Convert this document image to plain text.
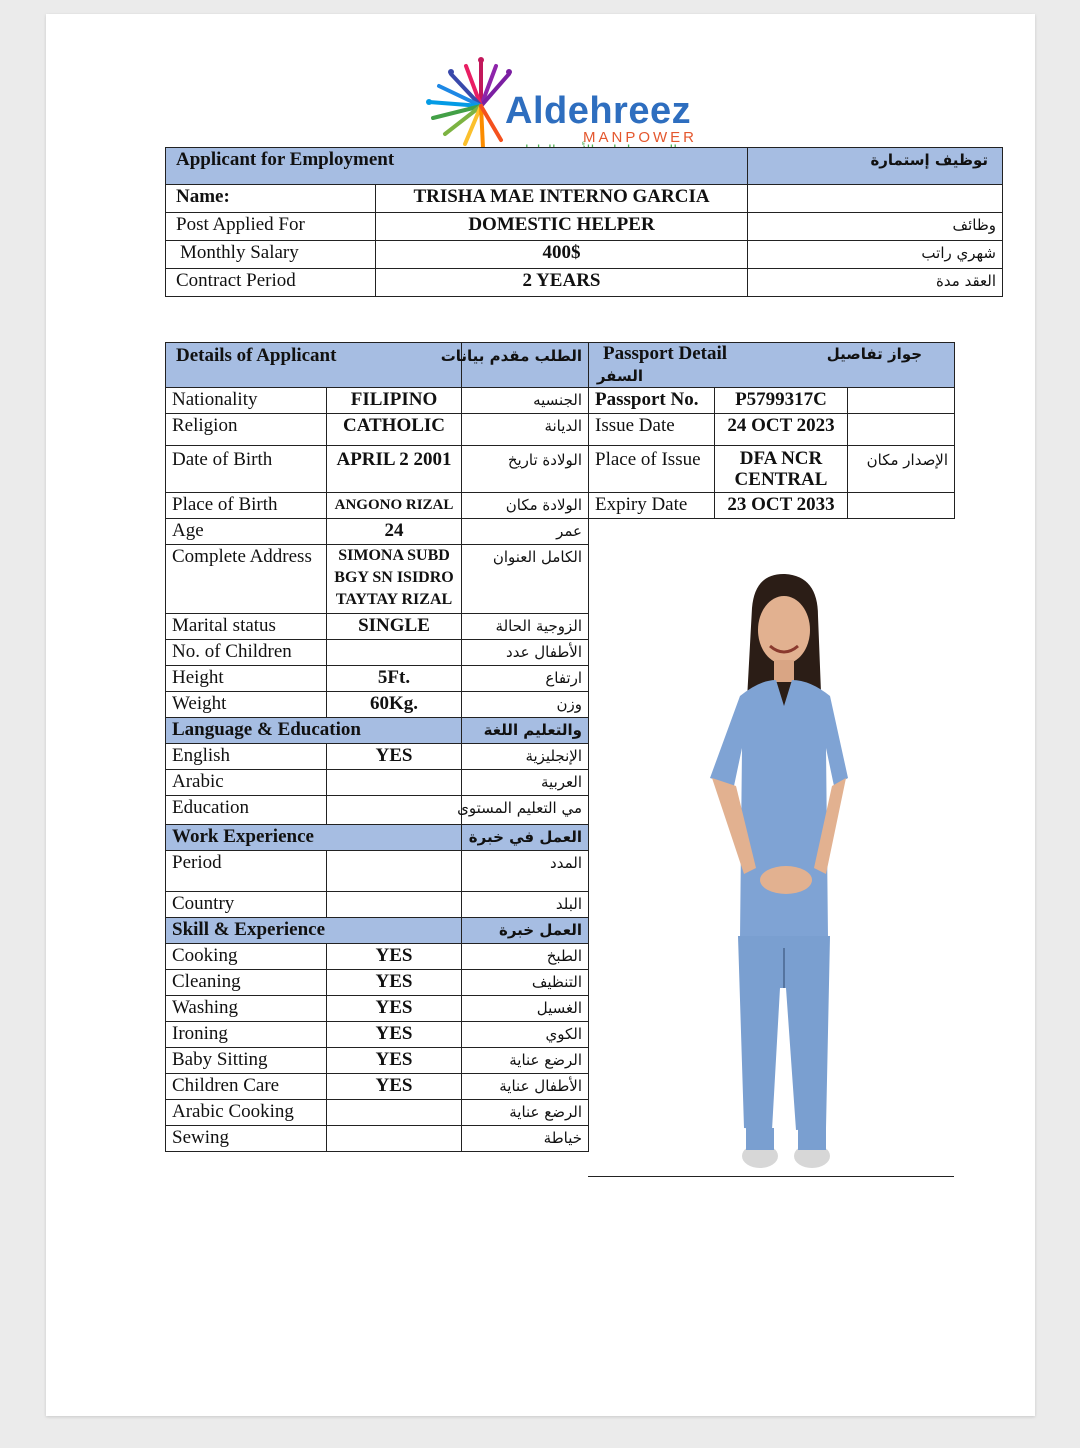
Aldehreez
MANPOWER
Applicant for Employment		توظيف إستمارة
Name:	TRISHA MAE INTERNO GARCIA	
Post Applied For	DOMESTIC HELPER	وظائف
Monthly Salary	400$	شهري راتب
Contract Period	2 YEARS	العقد مدة
Details of Applicant		الطلب مقدم بيانات
Nationality	FILIPINO	الجنسيه
Religion	CATHOLIC	الديانة
Date of Birth	APRIL 2 2001	الولادة تاريخ
Place of Birth	ANGONO RIZAL	الولادة مكان
Age	24	عمر
Complete Address	SIMONA SUBD BGY SN ISIDRO TAYTAY RIZAL	الكامل العنوان
Marital status	SINGLE	الزوجية الحالة
No. of Children		الأطفال عدد
Height	5Ft.	ارتفاع
Weight	60Kg.	وزن
Language & Education		والتعليم اللغة
English	YES	الإنجليزية
Arabic		العربية
Education		مي التعليم المستوى
Work Experience		العمل في خبرة
Period		المدد
Country		البلد
Skill & Experience		العمل خبرة
Cooking	YES	الطبخ
Cleaning	YES	التنظيف
Washing	YES	الغسيل
Ironing	YES	الكوي
Baby Sitting	YES	الرضع عناية
Children Care	YES	الأطفال عناية
Arabic Cooking		الرضع عناية
Sewing		خياطة
Passport Detail جواز تفاصيل
السفر		

Passport No.	P5799317C	
Issue Date	24 OCT 2023	
Place of Issue	DFA NCR CENTRAL	الإصدار مكان
Expiry Date	23 OCT 2033	
